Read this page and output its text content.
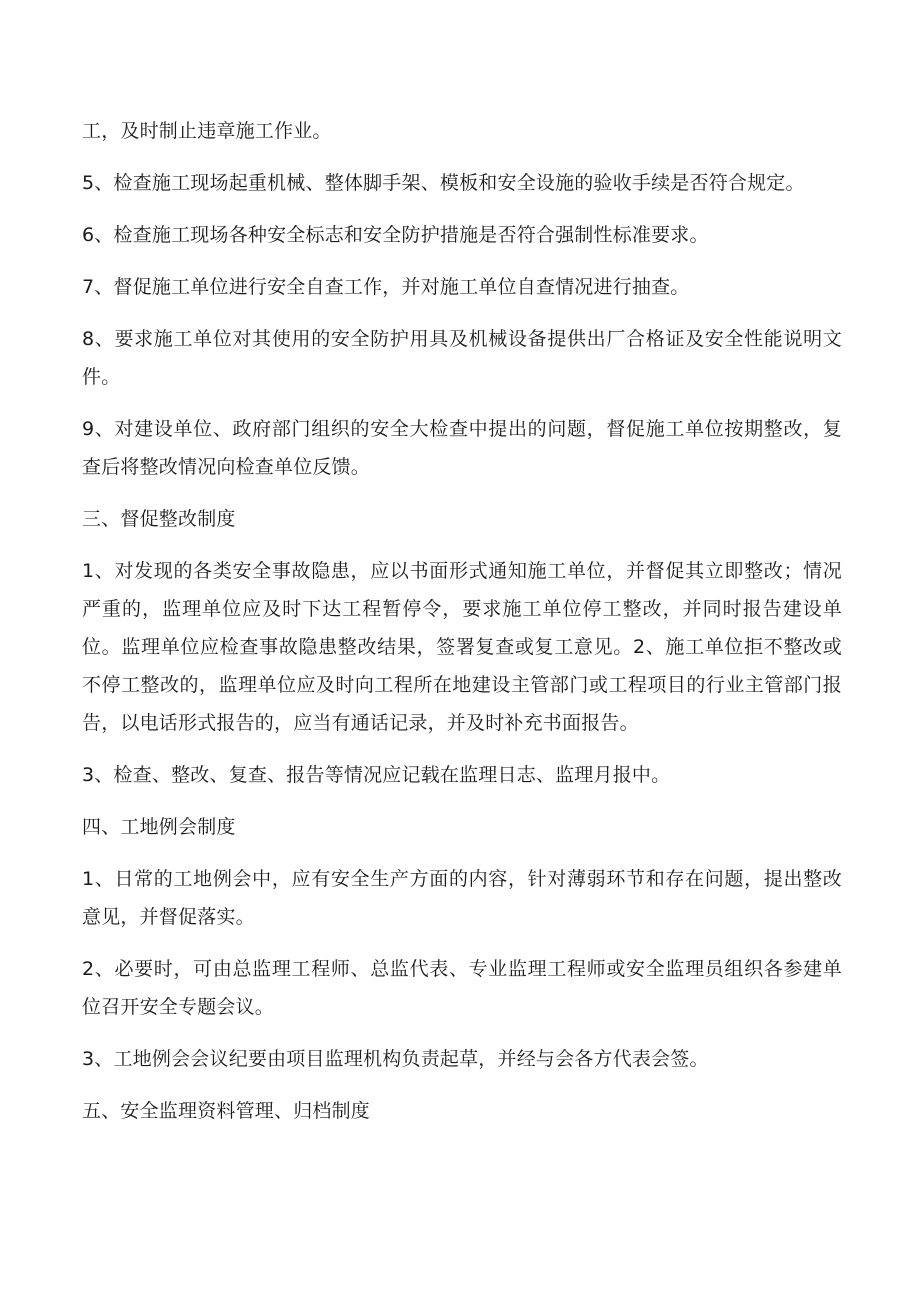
工，及时制止违章施工作业。

5、检查施工现场起重机械、整体脚手架、模板和安全设施的验收手续是否符合规定。

6、检查施工现场各种安全标志和安全防护措施是否符合强制性标准要求。

7、督促施工单位进行安全自查工作，并对施工单位自查情况进行抽查。

8、要求施工单位对其使用的安全防护用具及机械设备提供出厂合格证及安全性能说明文件。

9、对建设单位、政府部门组织的安全大检查中提出的问题，督促施工单位按期整改，复查后将整改情况向检查单位反馈。

三、督促整改制度

1、对发现的各类安全事故隐患，应以书面形式通知施工单位，并督促其立即整改；情况严重的，监理单位应及时下达工程暂停令，要求施工单位停工整改，并同时报告建设单位。监理单位应检查事故隐患整改结果，签署复查或复工意见。2、施工单位拒不整改或不停工整改的，监理单位应及时向工程所在地建设主管部门或工程项目的行业主管部门报告，以电话形式报告的，应当有通话记录，并及时补充书面报告。

3、检查、整改、复查、报告等情况应记载在监理日志、监理月报中。

四、工地例会制度

1、日常的工地例会中，应有安全生产方面的内容，针对薄弱环节和存在问题，提出整改意见，并督促落实。

2、必要时，可由总监理工程师、总监代表、专业监理工程师或安全监理员组织各参建单位召开安全专题会议。

3、工地例会会议纪要由项目监理机构负责起草，并经与会各方代表会签。

五、安全监理资料管理、归档制度
